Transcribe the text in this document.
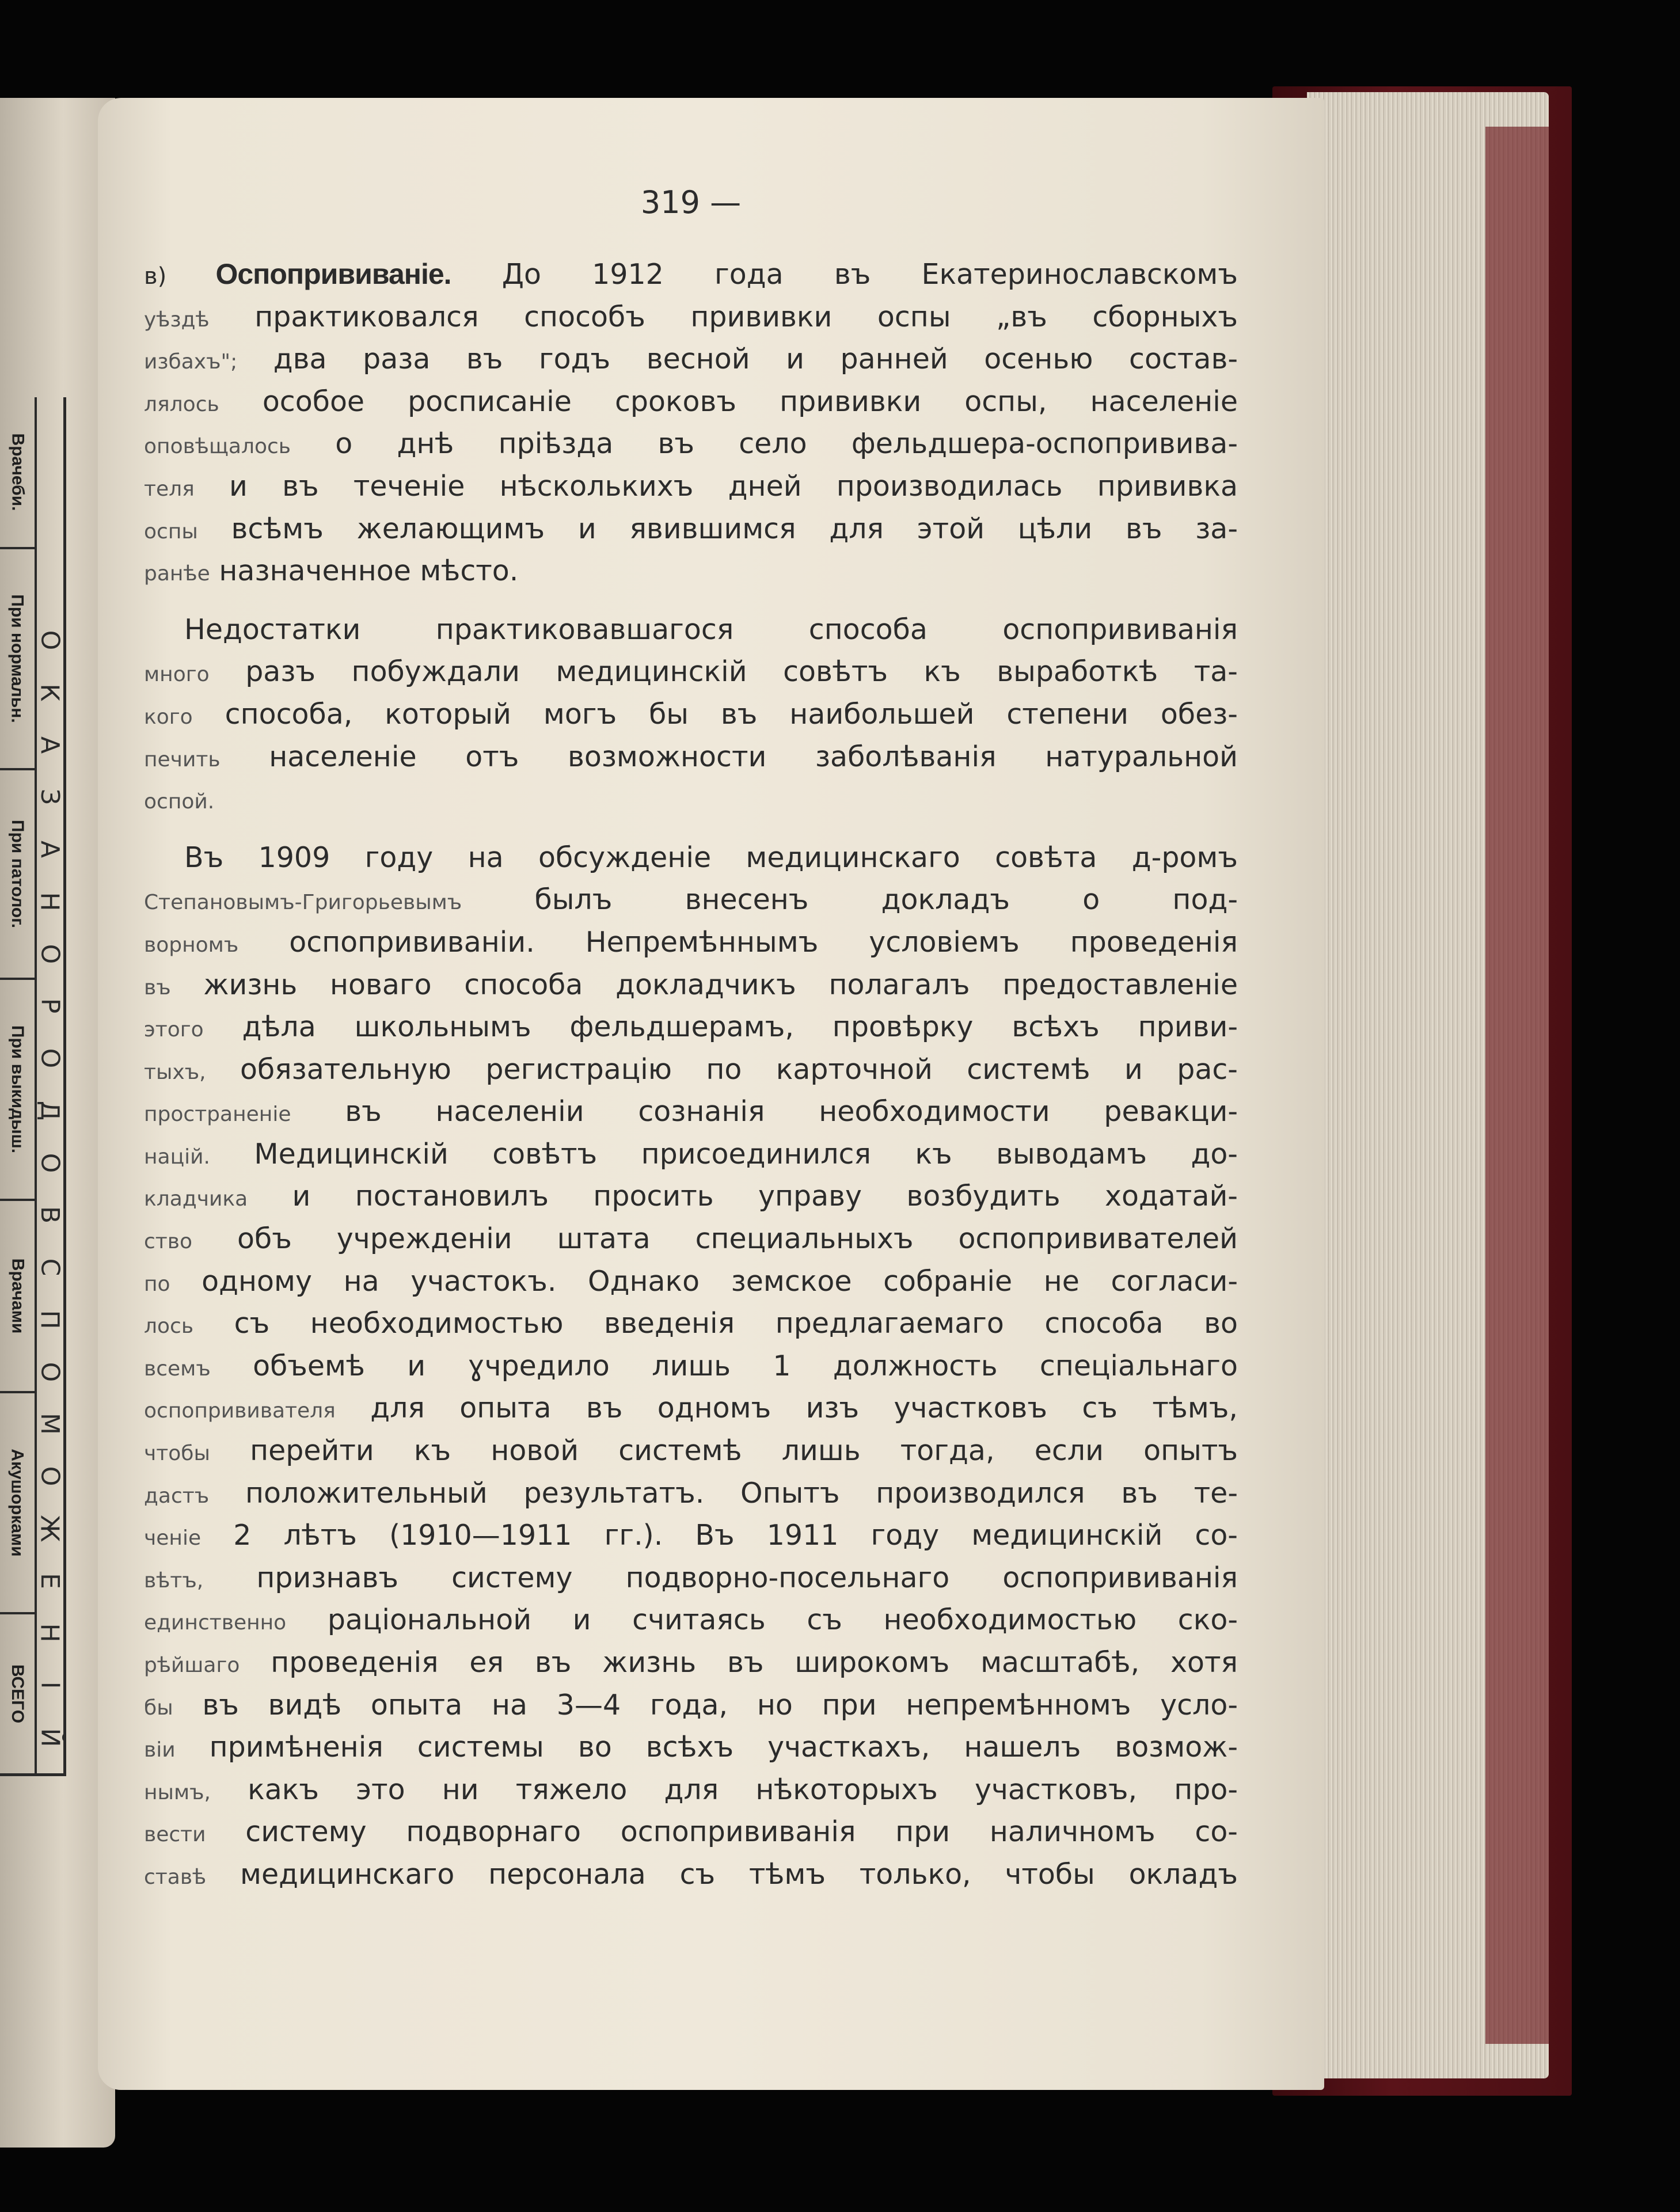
Врачеби.
При нормальн.
При патолог.
При выкидыш.
Врачами
Акушорками
ВСЕГО
О
К
А
З
А
Н
О
Р
О
Д
О
В
С
П
О
М
О
Ж
Е
Н
І
Й
319 —
в) Оспопрививаніе. До 1912 года въ Екатеринославскомъ
уѣздѣ практиковался способъ прививки оспы „въ сборныхъ
избахъ"; два раза въ годъ весной и ранней осенью состав-
лялось особое росписаніе сроковъ прививки оспы, населеніе
оповѣщалось о днѣ пріѣзда въ село фельдшера-оспопрививa-
теля и въ теченіе нѣсколькихъ дней производилась прививка
оспы всѣмъ желающимъ и явившимся для этой цѣли въ за-
ранѣе назначенное мѣсто.
Недостатки практиковавшагося способа оспопрививанія
много разъ побуждали медицинскій совѣтъ къ выработкѣ та-
кого способа, который могъ бы въ наибольшей степени обез-
печить населеніе отъ возможности заболѣванія натуральной
оспой.
Въ 1909 году на обсужденіе медицинскаго совѣта д-ромъ
Степановымъ-Григорьевымъ	былъ внесенъ докладъ о под-
ворномъ оспопрививаніи. Непремѣннымъ условіемъ проведенія
въ жизнь новаго способа докладчикъ полагалъ предоставленіе
этого дѣла школьнымъ фельдшерамъ, провѣрку всѣхъ приви-
тыхъ, обязательную регистрацію по карточной системѣ и рас-
пространеніе въ населеніи сознанія необходимости ревакци-
націй. Медицинскій совѣтъ присоединился къ выводамъ до-
кладчика и постановилъ просить управу возбудить ходатай-
ство объ учрежденіи штата специальныхъ оспопрививателей
по одному на участокъ. Однако земское собраніе не согласи-
лось съ необходимостью введенія предлагаемаго способа во
всемъ объемѣ и ɣчредило лишь 1 должность спеціальнаго
оспопрививателя для опыта въ одномъ изъ участковъ съ тѣмъ,
чтобы перейти къ новой системѣ лишь тогда, если опытъ
дастъ положительный результатъ. Опытъ производился въ те-
ченіе 2 лѣтъ (1910—1911 гг.). Въ 1911 году медицинскій со-
вѣтъ, признавъ систему подворно-посельнаго оспопрививанія
единственно раціональной и считаясь съ необходимостью ско-
рѣйшаго проведенія ея въ жизнь въ широкомъ масштабѣ, хотя
бы въ видѣ опыта на 3—4 года, но при непремѣнномъ усло-
віи примѣненія системы во всѣхъ участкахъ, нашелъ возмож-
нымъ, какъ это ни тяжело для нѣкоторыхъ участковъ, про-
вести систему подворнаго оспопрививанія при наличномъ со-
ставѣ медицинскаго персонала съ тѣмъ только, чтобы окладъ
